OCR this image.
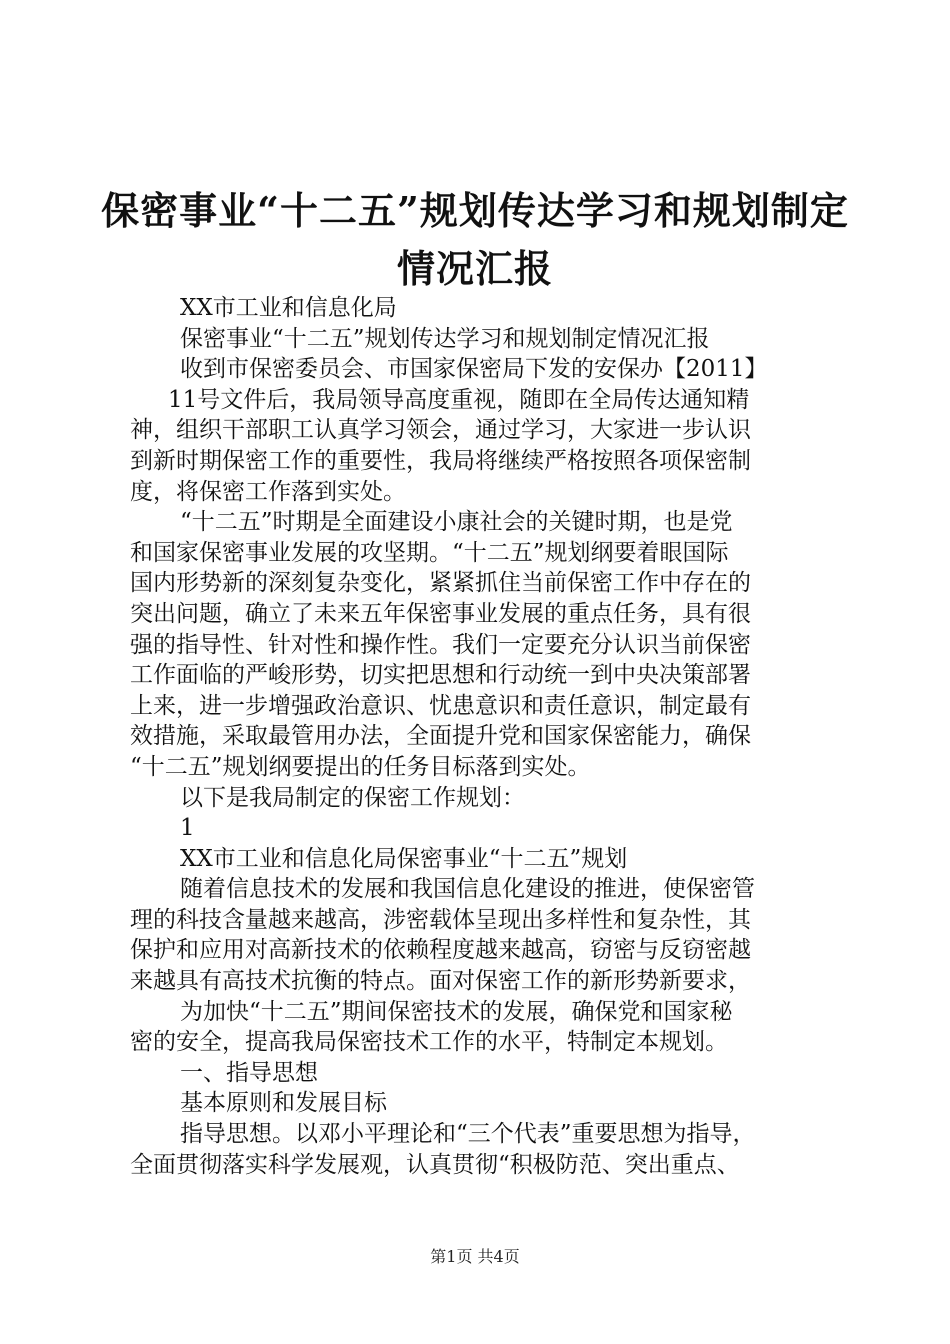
保密事业“十二五”规划传达学习和规划制定
情况汇报
XX市工业和信息化局
保密事业“十二五”规划传达学习和规划制定情况汇报
收到市保密委员会、市国家保密局下发的安保办【2011】
11号文件后，我局领导高度重视，随即在全局传达通知精
神，组织干部职工认真学习领会，通过学习，大家进一步认识
到新时期保密工作的重要性，我局将继续严格按照各项保密制
度，将保密工作落到实处。
“十二五”时期是全面建设小康社会的关键时期，也是党
和国家保密事业发展的攻坚期。“十二五”规划纲要着眼国际
国内形势新的深刻复杂变化，紧紧抓住当前保密工作中存在的
突出问题，确立了未来五年保密事业发展的重点任务，具有很
强的指导性、针对性和操作性。我们一定要充分认识当前保密
工作面临的严峻形势，切实把思想和行动统一到中央决策部署
上来，进一步增强政治意识、忧患意识和责任意识，制定最有
效措施，采取最管用办法，全面提升党和国家保密能力，确保
“十二五”规划纲要提出的任务目标落到实处。
以下是我局制定的保密工作规划：
1
XX市工业和信息化局保密事业“十二五”规划
随着信息技术的发展和我国信息化建设的推进，使保密管
理的科技含量越来越高，涉密载体呈现出多样性和复杂性，其
保护和应用对高新技术的依赖程度越来越高，窃密与反窃密越
来越具有高技术抗衡的特点。面对保密工作的新形势新要求，
为加快“十二五”期间保密技术的发展，确保党和国家秘
密的安全，提高我局保密技术工作的水平，特制定本规划。
一、指导思想
基本原则和发展目标
指导思想。以邓小平理论和“三个代表”重要思想为指导，
全面贯彻落实科学发展观，认真贯彻“积极防范、突出重点、
第1页 共4页
